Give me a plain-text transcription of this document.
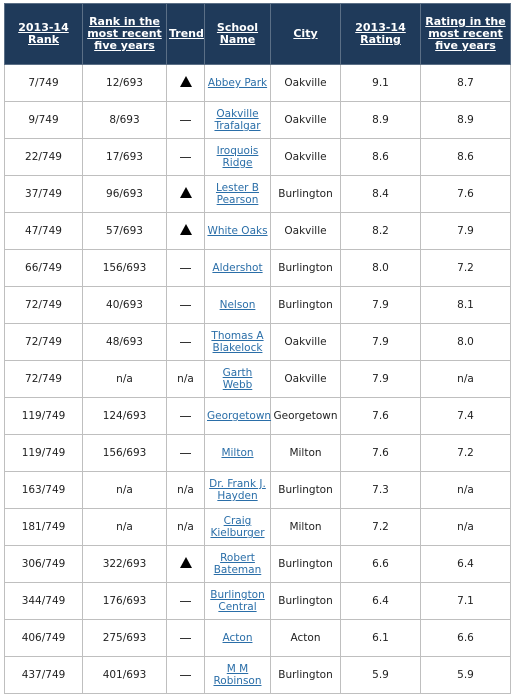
2013-14 Rank	Rank in the most recent five years	Trend	School Name	City	2013-14 Rating	Rating in the most recent five years
7/749	12/693		Abbey Park	Oakville	9.1	8.7
9/749	8/693		Oakville Trafalgar	Oakville	8.9	8.9
22/749	17/693		Iroquois Ridge	Oakville	8.6	8.6
37/749	96/693		Lester B Pearson	Burlington	8.4	7.6
47/749	57/693		White Oaks	Oakville	8.2	7.9
66/749	156/693		Aldershot	Burlington	8.0	7.2
72/749	40/693		Nelson	Burlington	7.9	8.1
72/749	48/693		Thomas A Blakelock	Oakville	7.9	8.0
72/749	n/a	n/a	Garth Webb	Oakville	7.9	n/a
119/749	124/693		Georgetown	Georgetown	7.6	7.4
119/749	156/693		Milton	Milton	7.6	7.2
163/749	n/a	n/a	Dr. Frank J. Hayden	Burlington	7.3	n/a
181/749	n/a	n/a	Craig Kielburger	Milton	7.2	n/a
306/749	322/693		Robert Bateman	Burlington	6.6	6.4
344/749	176/693		Burlington Central	Burlington	6.4	7.1
406/749	275/693		Acton	Acton	6.1	6.6
437/749	401/693		M M Robinson	Burlington	5.9	5.9
